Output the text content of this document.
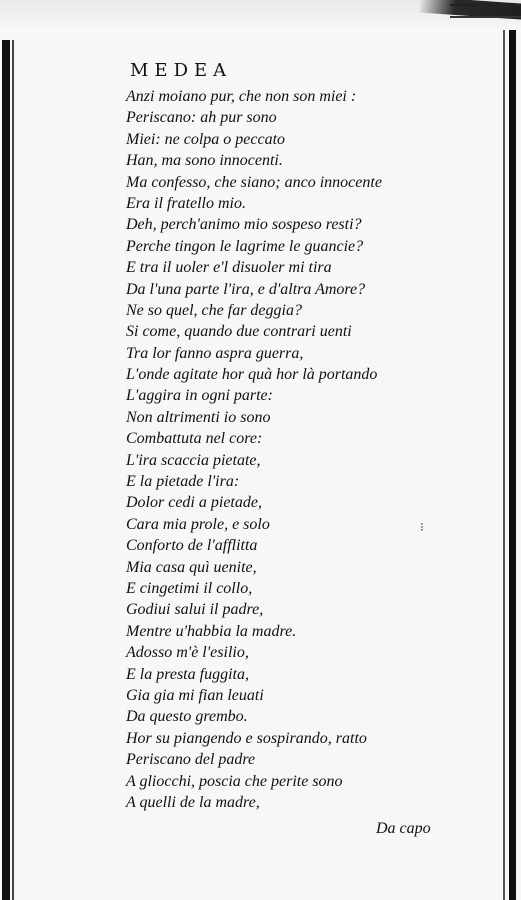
MEDEA
Anzi moiano pur, che non son miei :
Periscano: ah pur sono
Miei: ne colpa o peccato
Han, ma sono innocenti.
Ma confesso, che siano; anco innocente
Era il fratello mio.
Deh, perch'animo mio sospeso resti?
Perche tingon le lagrime le guancie?
E tra il uoler e'l disuoler mi tira
Da l'una parte l'ira, e d'altra Amore?
Ne so quel, che far deggia?
Si come, quando due contrari uenti
Tra lor fanno aspra guerra,
L'onde agitate hor quà hor là portando
L'aggira in ogni parte:
Non altrimenti io sono
Combattuta nel core:
L'ira scaccia pietate,
E la pietade l'ira:
Dolor cedi a pietade,
Cara mia prole, e solo
Conforto de l'afflitta
Mia casa quì uenite,
E cingetimi il collo,
Godiui salui il padre,
Mentre u'habbia la madre.
Adosso m'è l'esilio,
E la presta fuggita,
Gia gia mi fian leuati
Da questo grembo.
Hor su piangendo e sospirando, ratto
Periscano del padre
A gliocchi, poscia che perite sono
A quelli de la madre,
⁝
Da capo
